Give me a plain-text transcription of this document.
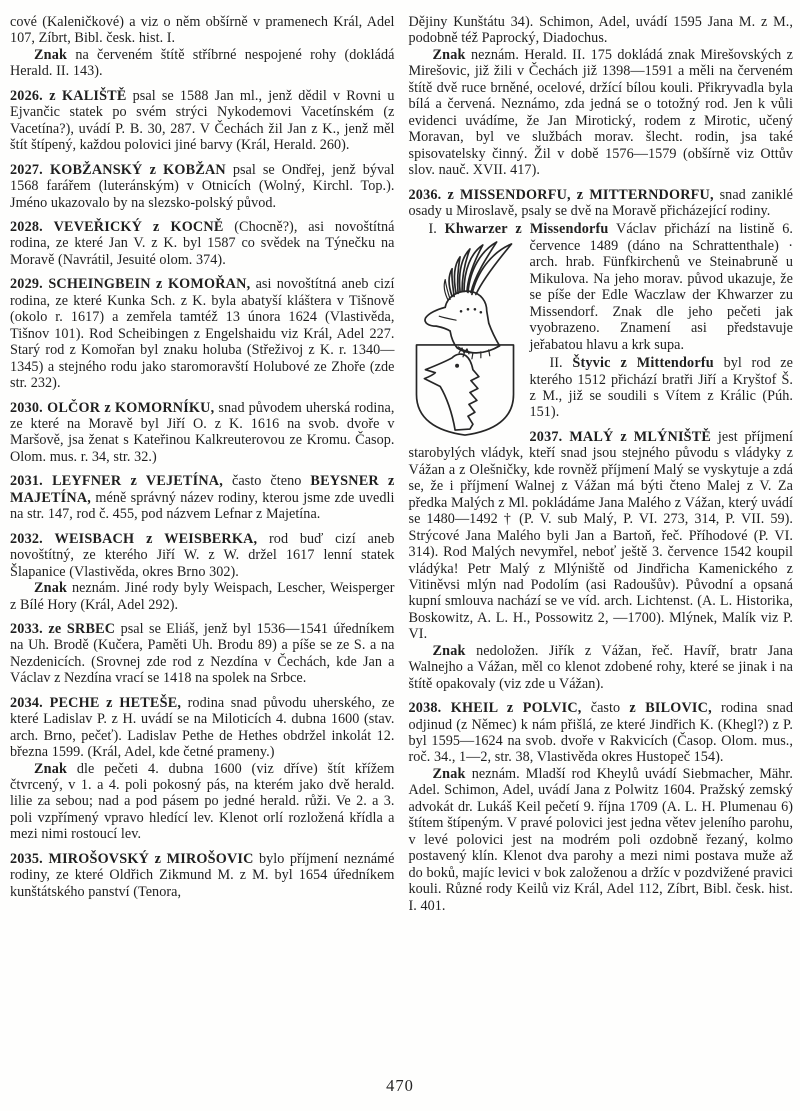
cové (Kaleničkové) a viz o něm obšírně v pramenech Král, Adel 107, Zíbrt, Bibl. česk. hist. I.

Znak na červeném štítě stříbrné nespojené rohy (dokládá Herald. II. 143).

2026. z KALIŠTĚ psal se 1588 Jan ml., jenž dědil v Rovni u Ejvančic statek po svém strýci Nykodemovi Vacetínském (z Vacetína?), uvádí P. B. 30, 287. V Čechách žil Jan z K., jenž měl štít štípený, každou polovici jiné barvy (Král, Herald. 260).

2027. KOBŽANSKÝ z KOBŽAN psal se Ondřej, jenž býval 1568 farářem (luteránským) v Otnicích (Wolný, Kirchl. Top.). Jméno ukazovalo by na slezsko-polský původ.

2028. VEVEŘICKÝ z KOCNĚ (Chocně?), asi novoštítná rodina, ze které Jan V. z K. byl 1587 co svědek na Týnečku na Moravě (Navrátil, Jesuité olom. 374).

2029. SCHEINGBEIN z KOMOŘAN, asi novoštítná aneb cizí rodina, ze které Kunka Sch. z K. byla abatyší kláštera v Tišnově (okolo r. 1617) a zemřela tamtéž 13 února 1624 (Vlastivěda, Tišnov 101). Rod Scheibingen z Engelshaidu viz Král, Adel 227. Starý rod z Komořan byl znaku holuba (Střeživoj z K. r. 1340—1345) a stejného rodu jako staromoravští Holubové ze Zhoře (zde str. 232).

2030. OLČOR z KOMORNÍKU, snad původem uherská rodina, ze které na Moravě byl Jiří O. z K. 1616 na svob. dvoře v Maršově, jsa ženat s Kateřinou Kalkreuterovou ze Kromu. Časop. Olom. mus. r. 34, str. 32.)

2031. LEYFNER z VEJETÍNA, často čteno BEYSNER z MAJETÍNA, méně správný název rodiny, kterou jsme zde uvedli na str. 147, rod č. 455, pod názvem Lefnar z Majetína.

2032. WEISBACH z WEISBERKA, rod buď cizí aneb novoštítný, ze kterého Jiří W. z W. držel 1617 lenní statek Šlapanice (Vlastivěda, okres Brno 302).

Znak neznám. Jiné rody byly Weispach, Lescher, Weisperger z Bílé Hory (Král, Adel 292).

2033. ze SRBEC psal se Eliáš, jenž byl 1536—1541 úředníkem na Uh. Brodě (Kučera, Paměti Uh. Brodu 89) a píše se ze S. a na Nezdenicích. (Srovnej zde rod z Nezdína v Čechách, kde Jan a Václav z Nezdína vrací se 1418 na spolek na Srbce.

2034. PECHE z HETEŠE, rodina snad původu uherského, ze které Ladislav P. z H. uvádí se na Miloticích 4. dubna 1600 (stav. arch. Brno, pečeť). Ladislav Pethe de Hethes obdržel inkolát 12. března 1599. (Král, Adel, kde četné prameny.)

Znak dle pečeti 4. dubna 1600 (viz dříve) štít křížem čtvrcený, v 1. a 4. poli pokosný pás, na kterém jako dvě herald. lilie za sebou; nad a pod pásem po jedné herald. růži. Ve 2. a 3. poli vzpřímený vpravo hledící lev. Klenot orlí rozložená křídla a mezi nimi rostoucí lev.

2035. MIROŠOVSKÝ z MIROŠOVIC bylo příjmení neznámé rodiny, ze které Oldřich Zikmund M. z M. byl 1654 úředníkem kunštátského panství (Tenora,

Dějiny Kunštátu 34). Schimon, Adel, uvádí 1595 Jana M. z M., podobně též Paprocký, Diadochus.

Znak neznám. Herald. II. 175 dokládá znak Mirešovských z Mirešovic, již žili v Čechách již 1398—1591 a měli na červeném štítě dvě ruce brněné, ocelové, držící bílou kouli. Přikryvadla byla bílá a červená. Neznámo, zda jedná se o totožný rod. Jen k vůli evidenci uvádíme, že Jan Mirotický, rodem z Mirotic, učený Moravan, byl ve službách morav. šlecht. rodin, jsa také spisovatelsky činný. Žil v době 1576—1579 (obšírně viz Ottův slov. nauč. XVII. 417).

2036. z MISSENDORFU, z MITTERNDORFU, snad zaniklé osady u Miroslavě, psaly se dvě na Moravě přicházející rodiny.

I. Khwarzer z Missendorfu Václav přichází na
listině 6. července 1489 (dáno na Schrattenthale) · arch. hrab. Fünfkirchenů ve Steinabruně u Mikulova. Na jeho morav. původ ukazuje, že se píše der Edle Waczlaw der Khwarzer zu Missendorf. Znak dle jeho pečeti jak vyobrazeno. Znamení asi představuje jeřabatou hlavu a krk supa.

II. Štyvic z Mittendorfu byl rod ze kterého 1512 přichází bratři Jiří a Kryštof Š. z M., již se soudili s Vítem z Králic (Púh. 151).

2037. MALÝ z MLÝNIŠTĚ jest příjmení starobylých vládyk, kteří snad jsou stejného původu s vládyky z Vážan a z Olešničky, kde rovněž příjmení Malý se vyskytuje a zdá se, že i příjmení Walnej z Vážan má býti čteno Malej z V. Za předka Malých z Ml. pokládáme Jana Malého z Vážan, který uvádí se 1480—1492 † (P. V. sub Malý, P. VI. 273, 314, P. VII. 59). Strýcové Jana Malého byli Jan a Bartoň, řeč. Příhodové (P. VI. 314). Rod Malých nevymřel, neboť ještě 3. července 1542 koupil vládýka! Petr Malý z Mlýniště od Jindřicha Kamenického z Vitiněvsi mlýn nad Podolím (asi Radoušův). Původní a opsaná kupní smlouva nachází se ve víd. arch. Lichtenst. (A. L. Historika, Boskowitz, A. L. H., Possowitz 2, —1700). Mlýnek, Malík viz P. VI.

Znak nedoložen. Jiřík z Vážan, řeč. Havíř, bratr Jana Walnejho a Vážan, měl co klenot zdobené rohy, které se jinak i na štítě opakovaly (viz zde u Vážan).

2038. KHEIL z POLVIC, často z BILOVIC, rodina snad odjinud (z Němec) k nám přišlá, ze které Jindřich K. (Khegl?) z P. byl 1595—1624 na svob. dvoře v Rakvicích (Časop. Olom. mus., roč. 34., 1—2, str. 38, Vlastivěda okres Hustopeč 154).

Znak neznám. Mladší rod Kheylů uvádí Siebmacher, Mähr. Adel. Schimon, Adel, uvádí Jana z Polwitz 1604. Pražský zemský advokát dr. Lukáš Keil pečetí 9. října 1709 (A. L. H. Plumenau 6) štítem štípeným. V pravé polovici jest jedna větev jeleního parohu, v levé polovici jest na modrém poli ozdobně řezaný, kolmo postavený klín. Klenot dva parohy a mezi nimi postava muže až do boků, majíc levici v bok založenou a držíc v pozdvižené pravici kouli. Různé rody Keilů viz Král, Adel 112, Zíbrt, Bibl. česk. hist. I. 401.

470
